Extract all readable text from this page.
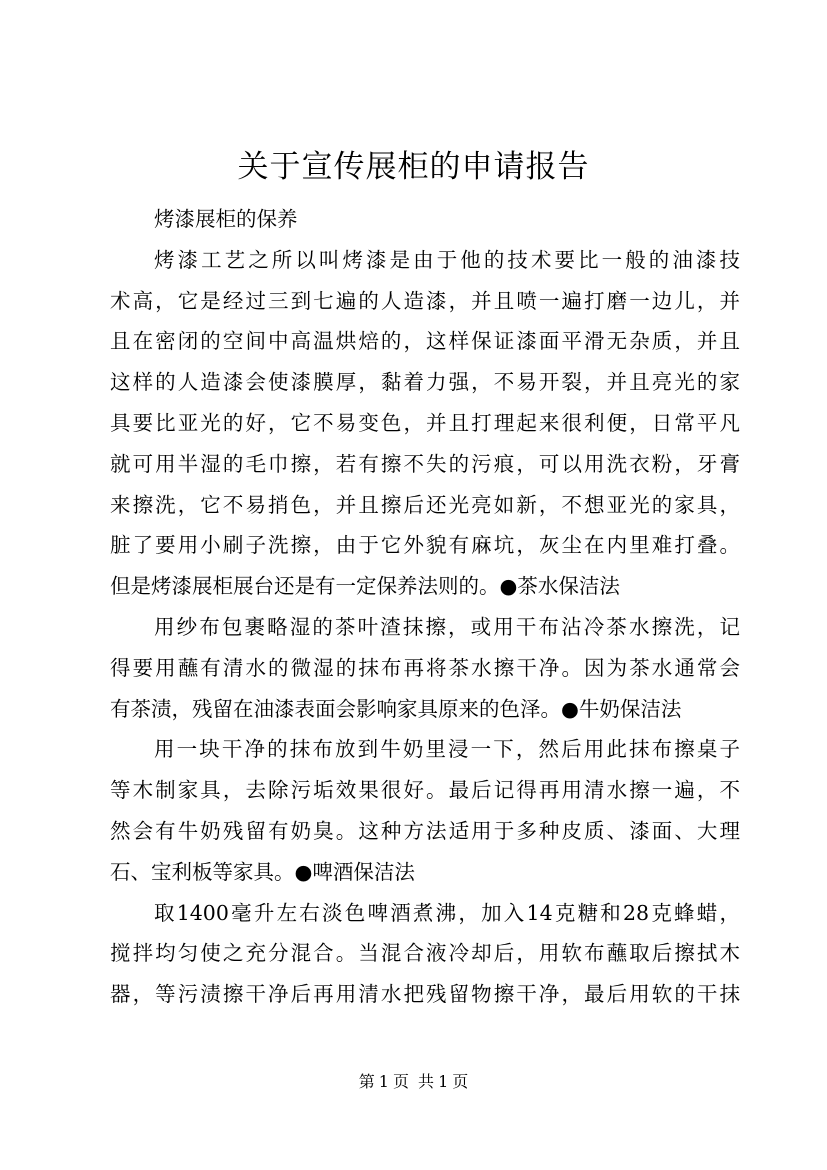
关于宣传展柜的申请报告
烤漆展柜的保养
烤漆工艺之所以叫烤漆是由于他的技术要比一般的油漆技
术高，它是经过三到七遍的人造漆，并且喷一遍打磨一边儿，并
且在密闭的空间中高温烘焙的，这样保证漆面平滑无杂质，并且
这样的人造漆会使漆膜厚，黏着力强，不易开裂，并且亮光的家
具要比亚光的好，它不易变色，并且打理起来很利便，日常平凡
就可用半湿的毛巾擦，若有擦不失的污痕，可以用洗衣粉，牙膏
来擦洗，它不易捎色，并且擦后还光亮如新，不想亚光的家具，
脏了要用小刷子洗擦，由于它外貌有麻坑，灰尘在内里难打叠。
但是烤漆展柜展台还是有一定保养法则的。●茶水保洁法
用纱布包裹略湿的茶叶渣抹擦，或用干布沾冷茶水擦洗，记
得要用蘸有清水的微湿的抹布再将茶水擦干净。因为茶水通常会
有茶渍，残留在油漆表面会影响家具原来的色泽。●牛奶保洁法
用一块干净的抹布放到牛奶里浸一下，然后用此抹布擦桌子
等木制家具，去除污垢效果很好。最后记得再用清水擦一遍，不
然会有牛奶残留有奶臭。这种方法适用于多种皮质、漆面、大理
石、宝利板等家具。●啤酒保洁法
取1400毫升左右淡色啤酒煮沸，加入14克糖和28克蜂蜡，
搅拌均匀使之充分混合。当混合液冷却后，用软布蘸取后擦拭木
器，等污渍擦干净后再用清水把残留物擦干净，最后用软的干抹
第 1 页 共 1 页
